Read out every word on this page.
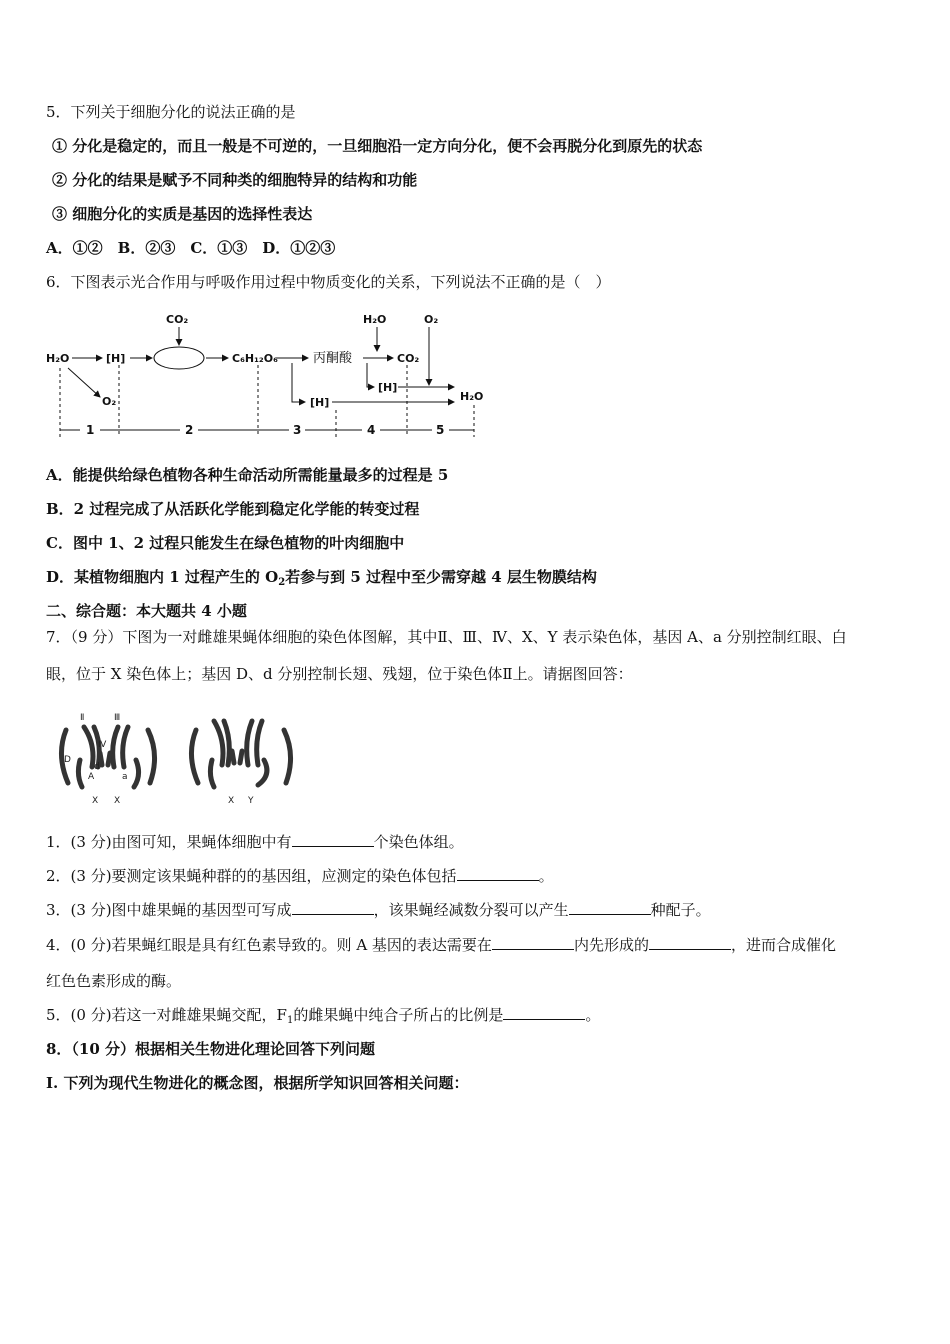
5．下列关于细胞分化的说法正确的是
① 分化是稳定的，而且一般是不可逆的，一旦细胞沿一定方向分化，便不会再脱分化到原先的状态
② 分化的结果是赋予不同种类的细胞特异的结构和功能
③ 细胞分化的实质是基因的选择性表达
A．①②　B．②③　C．①③　D．①②③
6．下图表示光合作用与呼吸作用过程中物质变化的关系，下列说法不正确的是（　）
H₂O	[H]
CO₂
C₆H₁₂O₆
O₂
丙酮酸
H₂O
CO₂
O₂
[H]
[H]	H₂O
1	2	3	4	5
A．能提供给绿色植物各种生命活动所需能量最多的过程是 5
B．2 过程完成了从活跃化学能到稳定化学能的转变过程
C．图中 1、2 过程只能发生在绿色植物的叶肉细胞中
D．某植物细胞内 1 过程产生的 $O_2$若参与到 5 过程中至少需穿越 4 层生物膜结构
二、综合题：本大题共 4 小题
7．（9 分）下图为一对雌雄果蝇体细胞的染色体图解，其中Ⅱ、Ⅲ、Ⅳ、X、Y 表示染色体，基因 A、a 分别控制红眼、白
眼，位于 X 染色体上；基因 D、d 分别控制长翅、残翅，位于染色体Ⅱ上。请据图回答：
Ⅱ	Ⅲ
Ⅳ
D
d
A	a
X X	X Y
1．(3 分)由图可知，果蝇体细胞中有	个染色体组。
2．(3 分)要测定该果蝇种群的的基因组，应测定的染色体包括	。
3．(3 分)图中雄果蝇的基因型可写成	，该果蝇经减数分裂可以产生	种配子。
4．(0 分)若果蝇红眼是具有红色素导致的。则 A 基因的表达需要在	内先形成的	，进而合成催化
红色色素形成的酶。
5．(0 分)若这一对雌雄果蝇交配，$F_1$的雌果蝇中纯合子所占的比例是	。
8．（10 分）根据相关生物进化理论回答下列问题
I. 下列为现代生物进化的概念图，根据所学知识回答相关问题：
